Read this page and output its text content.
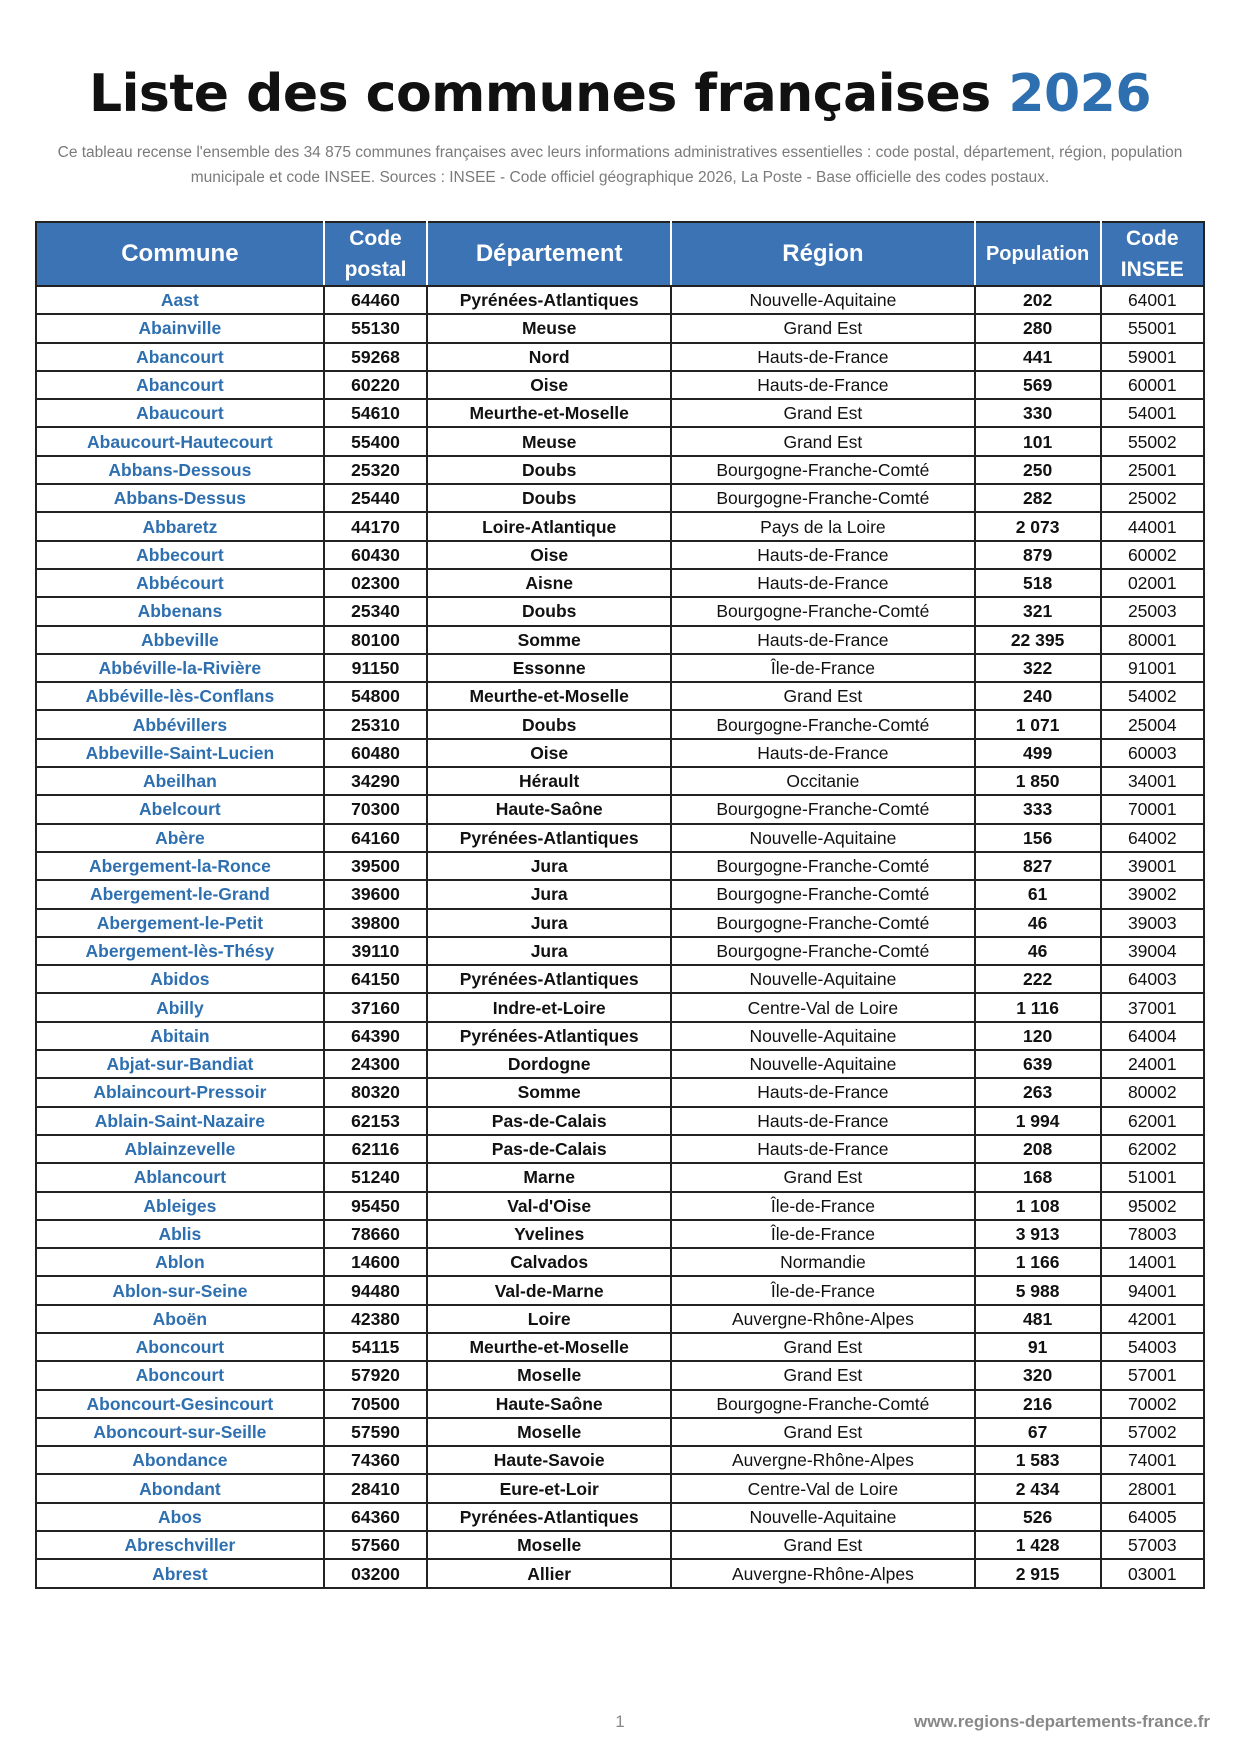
Liste des communes françaises 2026
Ce tableau recense l'ensemble des 34 875 communes françaises avec leurs informations administratives essentielles : code postal, département, région, population municipale et code INSEE. Sources : INSEE - Code officiel géographique 2026, La Poste - Base officielle des codes postaux.
Commune	Code postal	Département	Région	Population	Code INSEE
Aast	64460	Pyrénées-Atlantiques	Nouvelle-Aquitaine	202	64001
Abainville	55130	Meuse	Grand Est	280	55001
Abancourt	59268	Nord	Hauts-de-France	441	59001
Abancourt	60220	Oise	Hauts-de-France	569	60001
Abaucourt	54610	Meurthe-et-Moselle	Grand Est	330	54001
Abaucourt-Hautecourt	55400	Meuse	Grand Est	101	55002
Abbans-Dessous	25320	Doubs	Bourgogne-Franche-Comté	250	25001
Abbans-Dessus	25440	Doubs	Bourgogne-Franche-Comté	282	25002
Abbaretz	44170	Loire-Atlantique	Pays de la Loire	2 073	44001
Abbecourt	60430	Oise	Hauts-de-France	879	60002
Abbécourt	02300	Aisne	Hauts-de-France	518	02001
Abbenans	25340	Doubs	Bourgogne-Franche-Comté	321	25003
Abbeville	80100	Somme	Hauts-de-France	22 395	80001
Abbéville-la-Rivière	91150	Essonne	Île-de-France	322	91001
Abbéville-lès-Conflans	54800	Meurthe-et-Moselle	Grand Est	240	54002
Abbévillers	25310	Doubs	Bourgogne-Franche-Comté	1 071	25004
Abbeville-Saint-Lucien	60480	Oise	Hauts-de-France	499	60003
Abeilhan	34290	Hérault	Occitanie	1 850	34001
Abelcourt	70300	Haute-Saône	Bourgogne-Franche-Comté	333	70001
Abère	64160	Pyrénées-Atlantiques	Nouvelle-Aquitaine	156	64002
Abergement-la-Ronce	39500	Jura	Bourgogne-Franche-Comté	827	39001
Abergement-le-Grand	39600	Jura	Bourgogne-Franche-Comté	61	39002
Abergement-le-Petit	39800	Jura	Bourgogne-Franche-Comté	46	39003
Abergement-lès-Thésy	39110	Jura	Bourgogne-Franche-Comté	46	39004
Abidos	64150	Pyrénées-Atlantiques	Nouvelle-Aquitaine	222	64003
Abilly	37160	Indre-et-Loire	Centre-Val de Loire	1 116	37001
Abitain	64390	Pyrénées-Atlantiques	Nouvelle-Aquitaine	120	64004
Abjat-sur-Bandiat	24300	Dordogne	Nouvelle-Aquitaine	639	24001
Ablaincourt-Pressoir	80320	Somme	Hauts-de-France	263	80002
Ablain-Saint-Nazaire	62153	Pas-de-Calais	Hauts-de-France	1 994	62001
Ablainzevelle	62116	Pas-de-Calais	Hauts-de-France	208	62002
Ablancourt	51240	Marne	Grand Est	168	51001
Ableiges	95450	Val-d'Oise	Île-de-France	1 108	95002
Ablis	78660	Yvelines	Île-de-France	3 913	78003
Ablon	14600	Calvados	Normandie	1 166	14001
Ablon-sur-Seine	94480	Val-de-Marne	Île-de-France	5 988	94001
Aboën	42380	Loire	Auvergne-Rhône-Alpes	481	42001
Aboncourt	54115	Meurthe-et-Moselle	Grand Est	91	54003
Aboncourt	57920	Moselle	Grand Est	320	57001
Aboncourt-Gesincourt	70500	Haute-Saône	Bourgogne-Franche-Comté	216	70002
Aboncourt-sur-Seille	57590	Moselle	Grand Est	67	57002
Abondance	74360	Haute-Savoie	Auvergne-Rhône-Alpes	1 583	74001
Abondant	28410	Eure-et-Loir	Centre-Val de Loire	2 434	28001
Abos	64360	Pyrénées-Atlantiques	Nouvelle-Aquitaine	526	64005
Abreschviller	57560	Moselle	Grand Est	1 428	57003
Abrest	03200	Allier	Auvergne-Rhône-Alpes	2 915	03001
1	www.regions-departements-france.fr
